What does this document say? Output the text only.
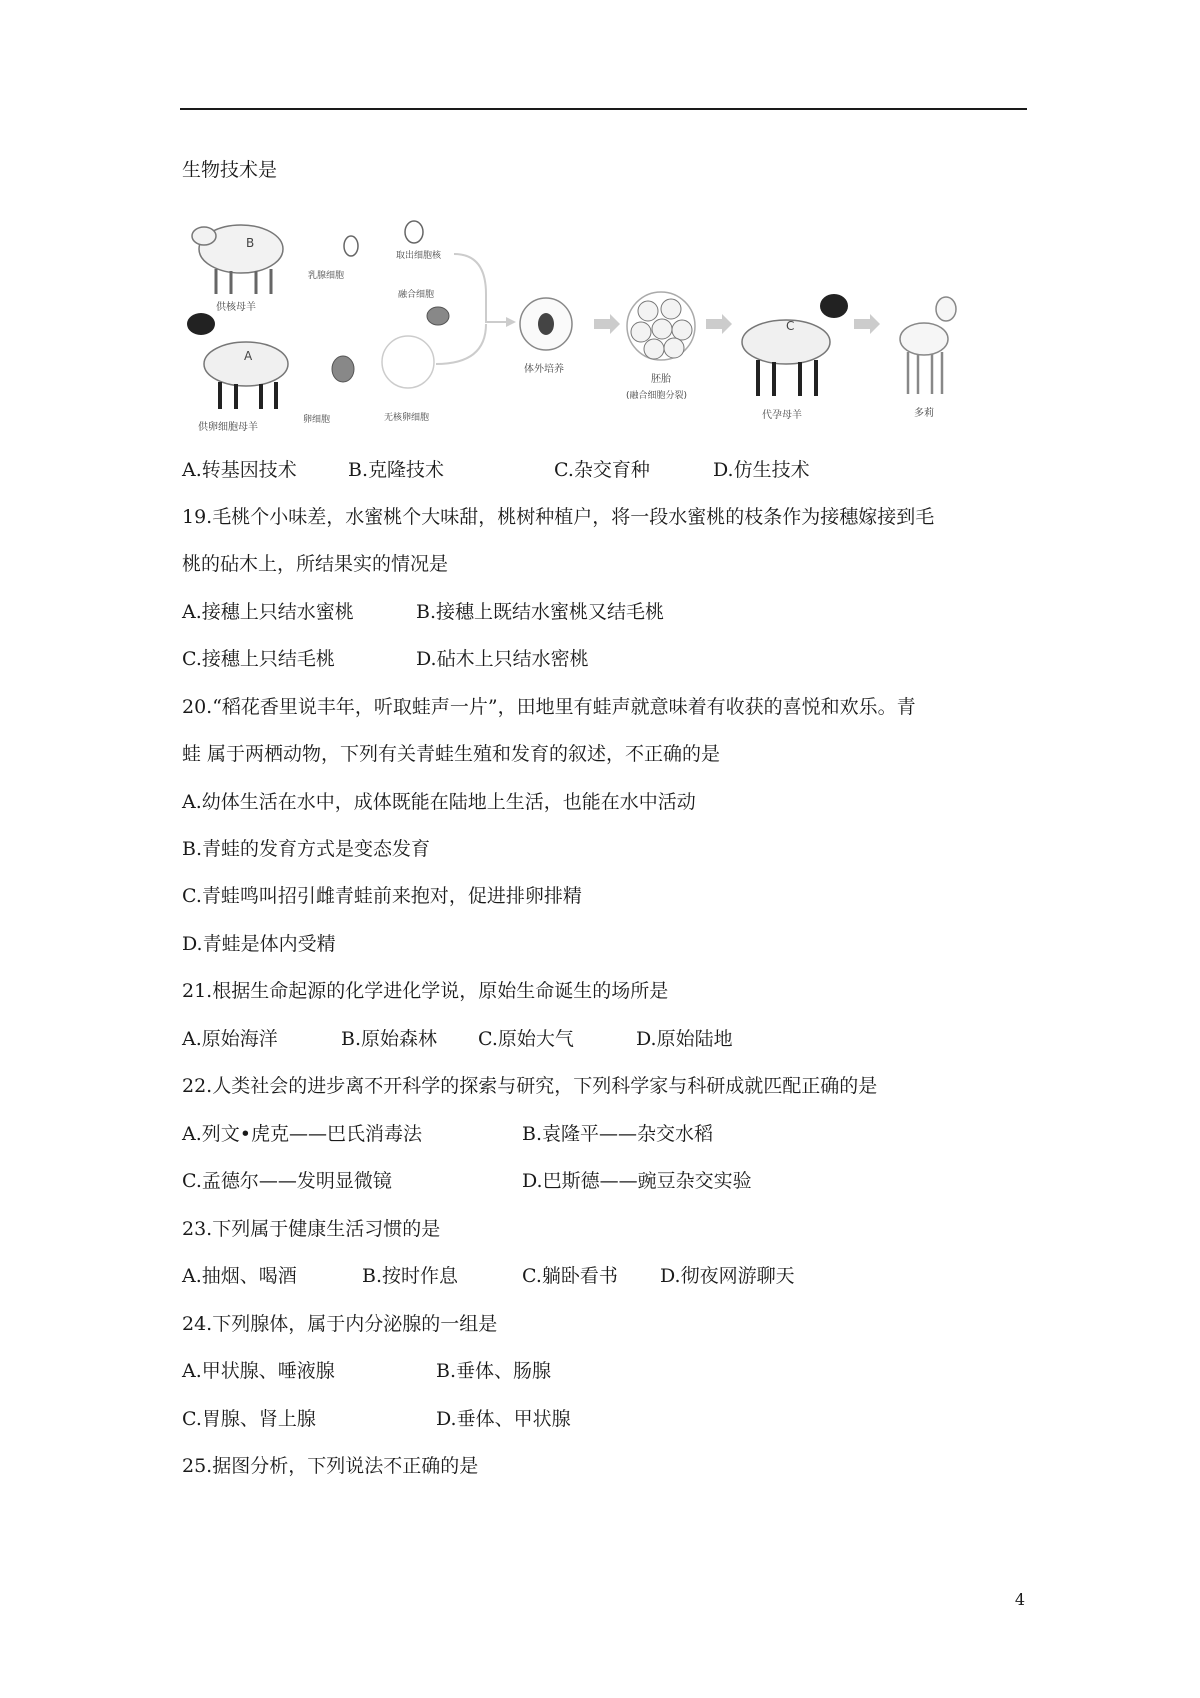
生物技术是
B
供核母羊
A
供卵细胞母羊
乳腺细胞
取出细胞核
融合细胞
卵细胞	无核卵细胞
体外培养
胚胎
(融合细胞分裂)
C
代孕母羊	多莉
A.转基因技术	B.克隆技术	C.杂交育种	D.仿生技术
19.毛桃个小味差，水蜜桃个大味甜，桃树种植户，将一段水蜜桃的枝条作为接穗嫁接到毛
桃的砧木上，所结果实的情况是
A.接穗上只结水蜜桃	B.接穗上既结水蜜桃又结毛桃
C.接穗上只结毛桃	D.砧木上只结水密桃
20.“稻花香里说丰年，听取蛙声一片”，田地里有蛙声就意味着有收获的喜悦和欢乐。青
蛙 属于两栖动物，下列有关青蛙生殖和发育的叙述，不正确的是
A.幼体生活在水中，成体既能在陆地上生活，也能在水中活动
B.青蛙的发育方式是变态发育
C.青蛙鸣叫招引雌青蛙前来抱对，促进排卵排精
D.青蛙是体内受精
21.根据生命起源的化学进化学说，原始生命诞生的场所是
A.原始海洋	B.原始森林 C.原始大气	D.原始陆地
22.人类社会的进步离不开科学的探索与研究，下列科学家与科研成就匹配正确的是
A.列文•虎克——巴氏消毒法	B.袁隆平——杂交水稻
C.孟德尔——发明显微镜	D.巴斯德——豌豆杂交实验
23.下列属于健康生活习惯的是
A.抽烟、喝酒	B.按时作息	C.躺卧看书 D.彻夜网游聊天
24.下列腺体，属于内分泌腺的一组是
A.甲状腺、唾液腺	B.垂体、肠腺
C.胃腺、肾上腺	D.垂体、甲状腺
25.据图分析，下列说法不正确的是
4
